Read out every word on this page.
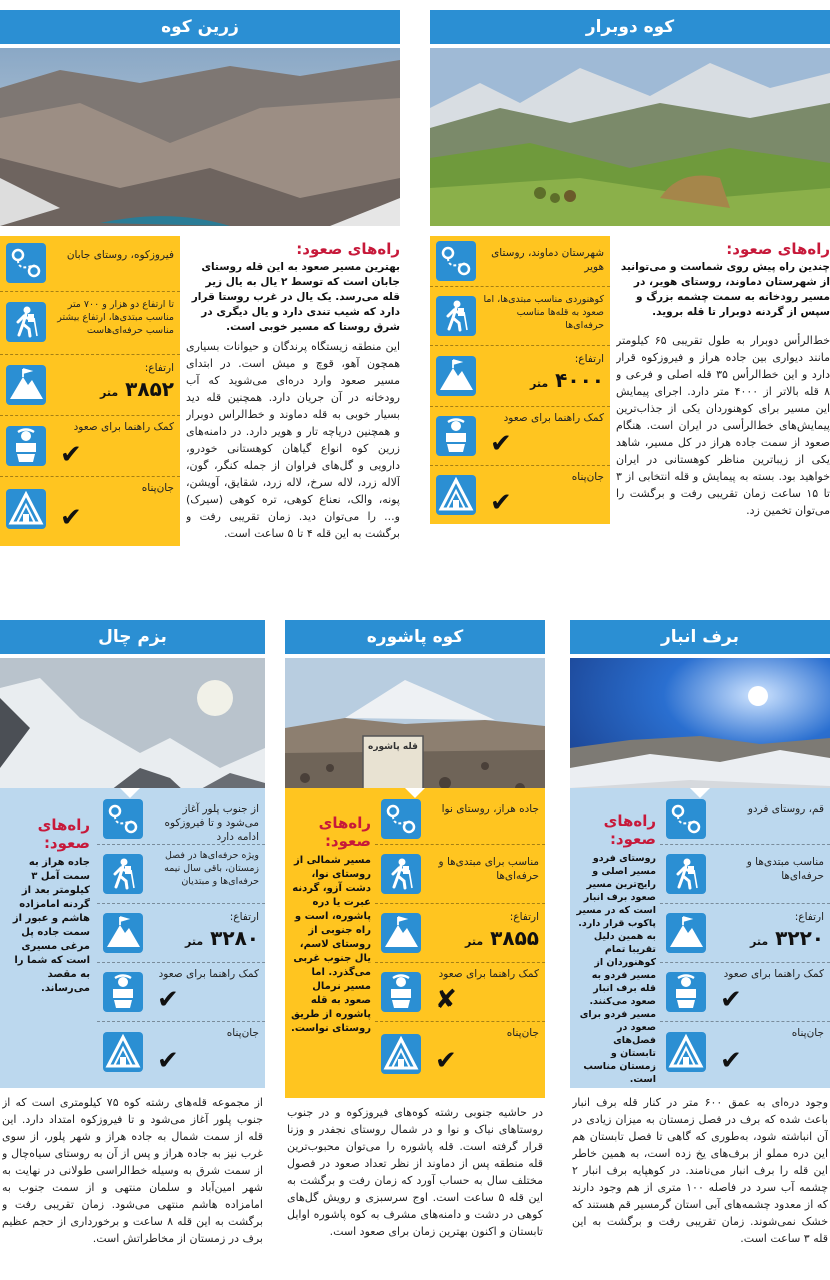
زرین کوه
فیروزکوه، روستای جابان
تا ارتفاع دو هزار و ۷۰۰ متر مناسب مبتدی‌ها، ارتفاع بیشتر مناسب حرفه‌ای‌هاست
ارتفاع:
۳۸۵۲ متر
کمک راهنما برای صعود
✔
جان‌پناه
✔
راه‌های صعود:
بهترین مسیر صعود به این قله روستای جابان است که توسط ۲ یال به یال زیر قله می‌رسد. یک یال در غرب روستا قرار دارد که شیب تندی دارد و یال دیگری در شرق روستا که مسیر خوبی است.
این منطقه زیستگاه پرندگان و حیوانات بسیاری همچون آهو، قوچ و میش است. در ابتدای مسیر صعود وارد دره‌ای می‌شوید که آب رودخانه در آن جریان دارد. همچنین قله دید بسیار خوبی به قله دماوند و خط‌الراس دوبرار و همچنین دریاچه تار و هویر دارد. در دامنه‌های زرین کوه انواع گیاهان کوهستانی خودرو، دارویی و گل‌های فراوان از جمله کنگر، گون، آلاله زرد، لاله سرخ، لاله زرد، شقایق، آویشن، پونه، والک، نعناع کوهی، تره کوهی (سیرک) و... را می‌توان دید. زمان تقریبی رفت و برگشت به این قله ۴ تا ۵ ساعت است.
کوه دوبرار
شهرستان دماوند، روستای هویر
کوهنوردی مناسب مبتدی‌ها، اما صعود به قله‌ها مناسب حرفه‌ای‌ها
ارتفاع:
۴۰۰۰ متر
کمک راهنما برای صعود
✔
جان‌پناه
✔
راه‌های صعود:
چندین راه پیش روی شماست و می‌توانید از شهرستان دماوند، روستای هویر، در مسیر رودخانه به سمت چشمه بزرگ و سپس از گردنه دوبرار تا قله بروید.
خط‌الرأس دوبرار به طول تقریبی ۶۵ کیلومتر مانند دیواری بین جاده هراز و فیروزکوه قرار دارد و این خط‌الرأس ۳۵ قله اصلی و فرعی و ۸ قله بالاتر از ۴۰۰۰ متر دارد. اجرای پیمایش این مسیر برای کوهنوردان یکی از جذاب‌ترین پیمایش‌های خط‌الرأسی در ایران است. هنگام صعود از سمت جاده هراز در کل مسیر، شاهد یکی از زیباترین مناظر کوهستانی در ایران خواهید بود. بسته به پیمایش و قله انتخابی از ۳ تا ۱۵ ساعت زمان تقریبی رفت و برگشت را می‌توان تخمین زد.
بزم چال
راه‌های صعود:
جاده هراز به سمت آمل ۳ کیلومتر بعد از گردنه امامزاده هاشم و عبور از سمت جاده پل مرغی مسیری است که شما را به مقصد می‌رساند.
از جنوب پلور آغاز می‌شود و تا فیروزکوه ادامه دارد
ویژه حرفه‌ای‌ها در فصل زمستان، باقی سال نیمه حرفه‌ای‌ها و مبتدیان
ارتفاع:
۳۲۸۰ متر
کمک راهنما برای صعود
✔
جان‌پناه
✔
از مجموعه قله‌های رشته کوه ۷۵ کیلومتری است که از جنوب پلور آغاز می‌شود و تا فیروزکوه امتداد دارد. این قله از سمت شمال به جاده هراز و شهر پلور، از سوی غرب نیز به جاده هراز و پس از آن به روستای سیاه‌چال و از سمت شرق به وسیله خط‌الراسی طولانی در نهایت به شهر امین‌آباد و سلمان منتهی و از سمت جنوب به امامزاده هاشم منتهی می‌شود. زمان تقریبی رفت و برگشت به این قله ۸ ساعت و برخورداری از حجم عظیم برف در زمستان از مخاطراتش است.
کوه پاشوره
قله پاشوره
راه‌های صعود:
مسیر شمالی از روستای نوا، دشت آزو، گردنه عبرت یا دره پاشوره، است و راه جنوبی از روستای لاسم، یال جنوب غربی می‌گذرد. اما مسیر نرمال صعود به قله پاشوره از طریق روستای نواست.
جاده هراز، روستای نوا
مناسب برای مبتدی‌ها و حرفه‌ای‌ها
ارتفاع:
۳۸۵۵ متر
کمک راهنما برای صعود
✘
جان‌پناه
✔
در حاشیه جنوبی رشته کوه‌های فیروزکوه و در جنوب روستاهای نیاک و نوا و در شمال روستای نجفدر و وزنا قرار گرفته است. قله پاشوره را می‌توان محبوب‌ترین قله منطقه پس از دماوند از نظر تعداد صعود در فصول مختلف سال به حساب آورد که زمان رفت و برگشت به این قله ۵ ساعت است. اوج سرسبزی و رویش گل‌های کوهی در دشت و دامنه‌های مشرف به کوه پاشوره اوایل تابستان و اکنون بهترین زمان برای صعود است.
برف انبار
راه‌های صعود:
روستای فردو مسیر اصلی و رایج‌ترین مسیر صعود برف انبار است که در مسیر پاکوب قرار دارد. به همین دلیل تقریبا تمام کوهنوردان از مسیر فردو به قله برف انبار صعود می‌کنند. مسیر فردو برای صعود در فصل‌های تابستان و زمستان مناسب است.
قم، روستای فردو
مناسب مبتدی‌ها و حرفه‌ای‌ها
ارتفاع:
۳۲۲۰ متر
کمک راهنما برای صعود
✔
جان‌پناه
✔
وجود دره‌ای به عمق ۶۰۰ متر در کنار قله برف انبار باعث شده که برف در فصل زمستان به میزان زیادی در آن انباشته شود، به‌طوری که گاهی تا فصل تابستان هم این دره مملو از برف‌های یخ زده است، به همین خاطر این قله را برف انبار می‌نامند. در کوهپایه برف انبار ۲ چشمه آب سرد در فاصله ۱۰۰ متری از هم وجود دارند که از معدود چشمه‌های آبی استان گرمسیر قم هستند که خشک نمی‌شوند. زمان تقریبی رفت و برگشت به این قله ۳ ساعت است.
